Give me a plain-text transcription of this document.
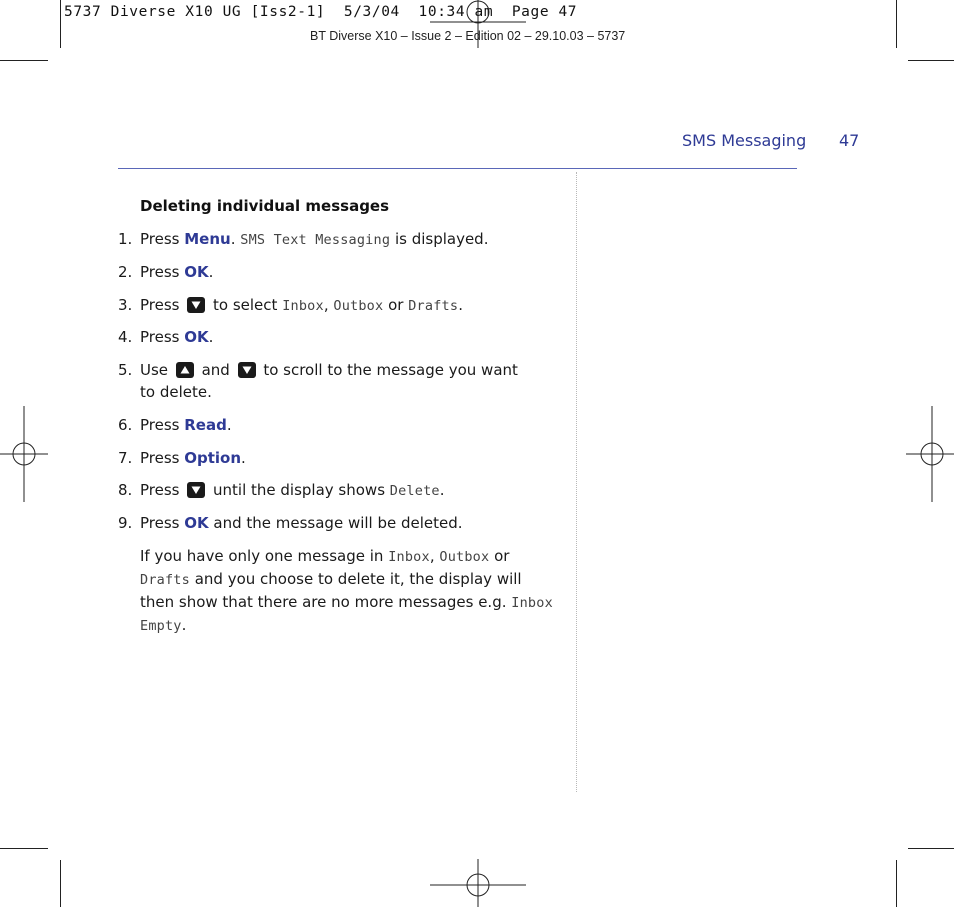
5737 Diverse X10 UG [Iss2-1]  5/3/04  10:34 am  Page 47
BT Diverse X10 – Issue 2 – Edition 02 – 29.10.03 – 5737
SMS Messaging 47
Deleting individual messages
1. Press Menu. SMS Text Messaging is displayed.
2. Press OK.
3. Press  to select Inbox, Outbox or Drafts.
4. Press OK.
5. Use  and  to scroll to the message you want
to delete.
6. Press Read.
7. Press Option.
8. Press  until the display shows Delete.
9. Press OK and the message will be deleted.
If you have only one message in Inbox, Outbox or
Drafts and you choose to delete it, the display will then show that there are no more messages e.g. Inbox Empty.
